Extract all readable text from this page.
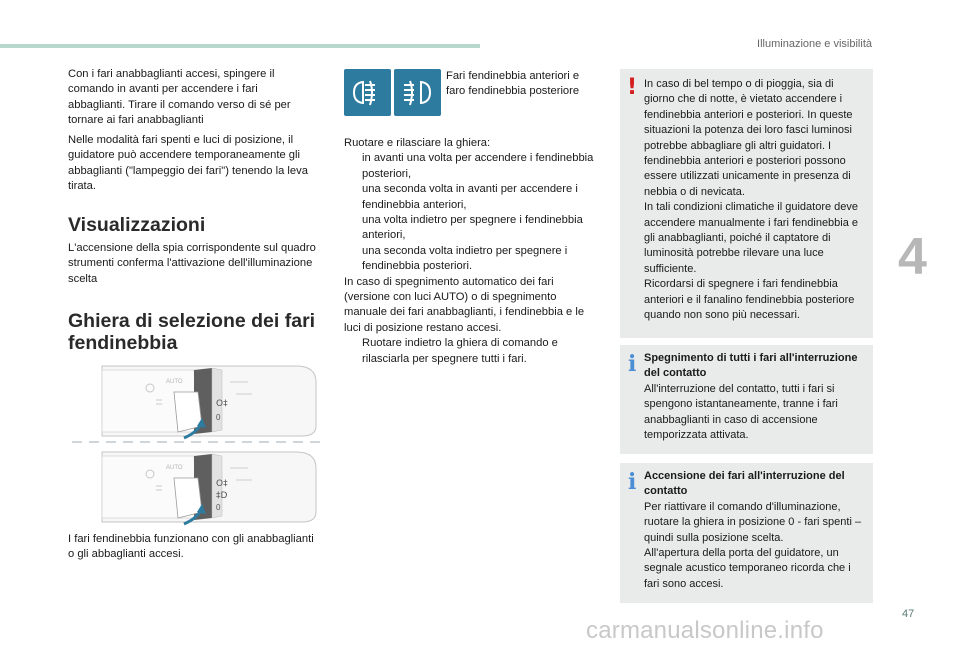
Illuminazione e visibilità

Con i fari anabbaglianti accesi, spingere il comando in avanti per accendere i fari abbaglianti. Tirare il comando verso di sé per tornare ai fari anabbaglianti

Nelle modalità fari spenti e luci di posizione, il guidatore può accendere temporaneamente gli abbaglianti ("lampeggio dei fari") tenendo la leva tirata.

Visualizzazioni

L'accensione della spia corrispondente sul quadro strumenti conferma l'attivazione dell'illuminazione scelta

Ghiera di selezione dei fari fendinebbia
AUTO
O‡
0
AUTO
O‡
‡D
0

I fari fendinebbia funzionano con gli anabbaglianti o gli abbaglianti accesi.

Fari fendinebbia anteriori e faro fendinebbia posteriore

Ruotare e rilasciare la ghiera:
in avanti una volta per accendere i fendinebbia posteriori,
una seconda volta in avanti per accendere i fendinebbia anteriori,
una volta indietro per spegnere i fendinebbia anteriori,
una seconda volta indietro per spegnere i fendinebbia posteriori.
In caso di spegnimento automatico dei fari (versione con luci AUTO) o di spegnimento manuale dei fari anabbaglianti, i fendinebbia e le luci di posizione restano accesi.
Ruotare indietro la ghiera di comando e rilasciarla per spegnere tutti i fari.
! In caso di bel tempo o di pioggia, sia di giorno che di notte, è vietato accendere i fendinebbia anteriori e posteriori. In queste situazioni la potenza dei loro fasci luminosi potrebbe abbagliare gli altri guidatori. I fendinebbia anteriori e posteriori possono essere utilizzati unicamente in presenza di nebbia o di nevicata.
In tali condizioni climatiche il guidatore deve accendere manualmente i fari fendinebbia e gli anabbaglianti, poiché il captatore di luminosità potrebbe rilevare una luce sufficiente.
Ricordarsi di spegnere i fari fendinebbia anteriori e il fanalino fendinebbia posteriore quando non sono più necessari.

i Spegnimento di tutti i fari all'interruzione del contatto
All'interruzione del contatto, tutti i fari si spengono istantaneamente, tranne i fari anabbaglianti in caso di accensione temporizzata attivata.

i Accensione dei fari all'interruzione del contatto
Per riattivare il comando d'illuminazione, ruotare la ghiera in posizione 0 - fari spenti – quindi sulla posizione scelta.
All'apertura della porta del guidatore, un segnale acustico temporaneo ricorda che i fari sono accesi.

4
47
carmanualsonline.info
